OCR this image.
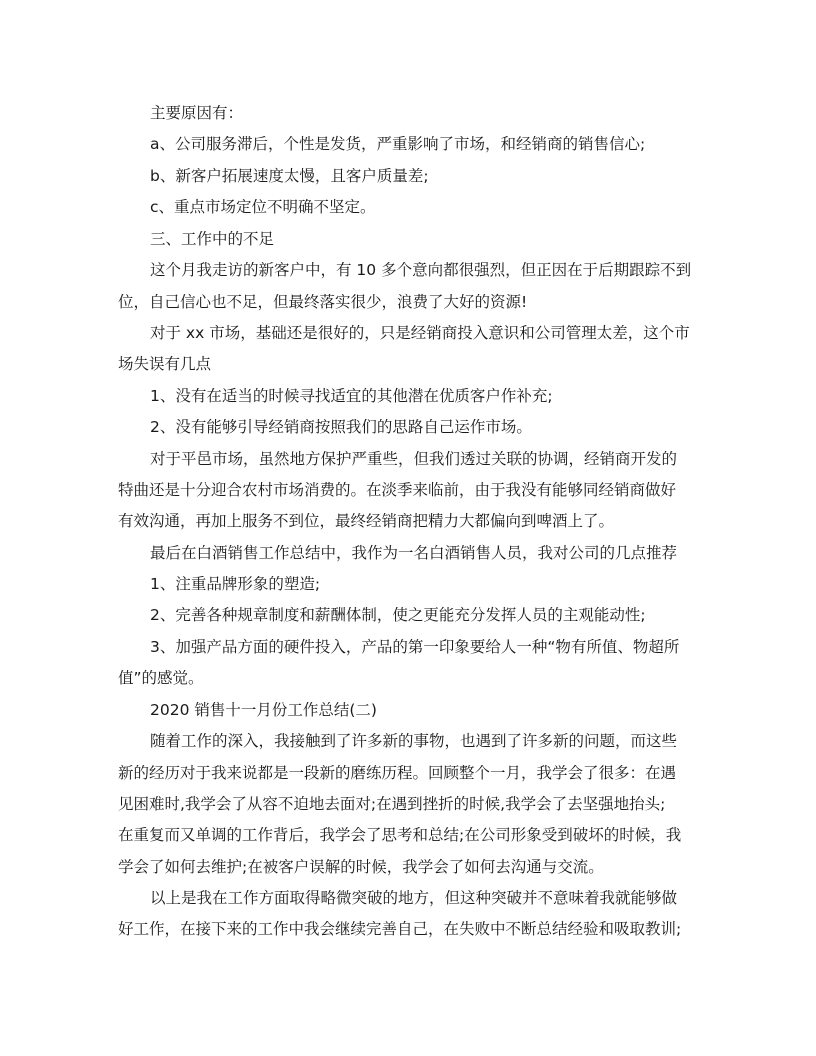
主要原因有：
a、公司服务滞后，个性是发货，严重影响了市场，和经销商的销售信心;
b、新客户拓展速度太慢，且客户质量差;
c、重点市场定位不明确不坚定。
三、工作中的不足
这个月我走访的新客户中，有 10 多个意向都很强烈，但正因在于后期跟踪不到
位，自己信心也不足，但最终落实很少，浪费了大好的资源!
对于 xx 市场，基础还是很好的，只是经销商投入意识和公司管理太差，这个市
场失误有几点
1、没有在适当的时候寻找适宜的其他潜在优质客户作补充;
2、没有能够引导经销商按照我们的思路自己运作市场。
对于平邑市场，虽然地方保护严重些，但我们透过关联的协调，经销商开发的
特曲还是十分迎合农村市场消费的。在淡季来临前，由于我没有能够同经销商做好
有效沟通，再加上服务不到位，最终经销商把精力大都偏向到啤酒上了。
最后在白酒销售工作总结中，我作为一名白酒销售人员，我对公司的几点推荐
1、注重品牌形象的塑造;
2、完善各种规章制度和薪酬体制，使之更能充分发挥人员的主观能动性;
3、加强产品方面的硬件投入，产品的第一印象要给人一种“物有所值、物超所
值”的感觉。
2020 销售十一月份工作总结(二)
随着工作的深入，我接触到了许多新的事物，也遇到了许多新的问题，而这些
新的经历对于我来说都是一段新的磨练历程。回顾整个一月，我学会了很多：在遇
见困难时,我学会了从容不迫地去面对;在遇到挫折的时候,我学会了去坚强地抬头;
在重复而又单调的工作背后，我学会了思考和总结;在公司形象受到破坏的时候，我
学会了如何去维护;在被客户误解的时候，我学会了如何去沟通与交流。
以上是我在工作方面取得略微突破的地方，但这种突破并不意味着我就能够做
好工作，在接下来的工作中我会继续完善自己，在失败中不断总结经验和吸取教训;
